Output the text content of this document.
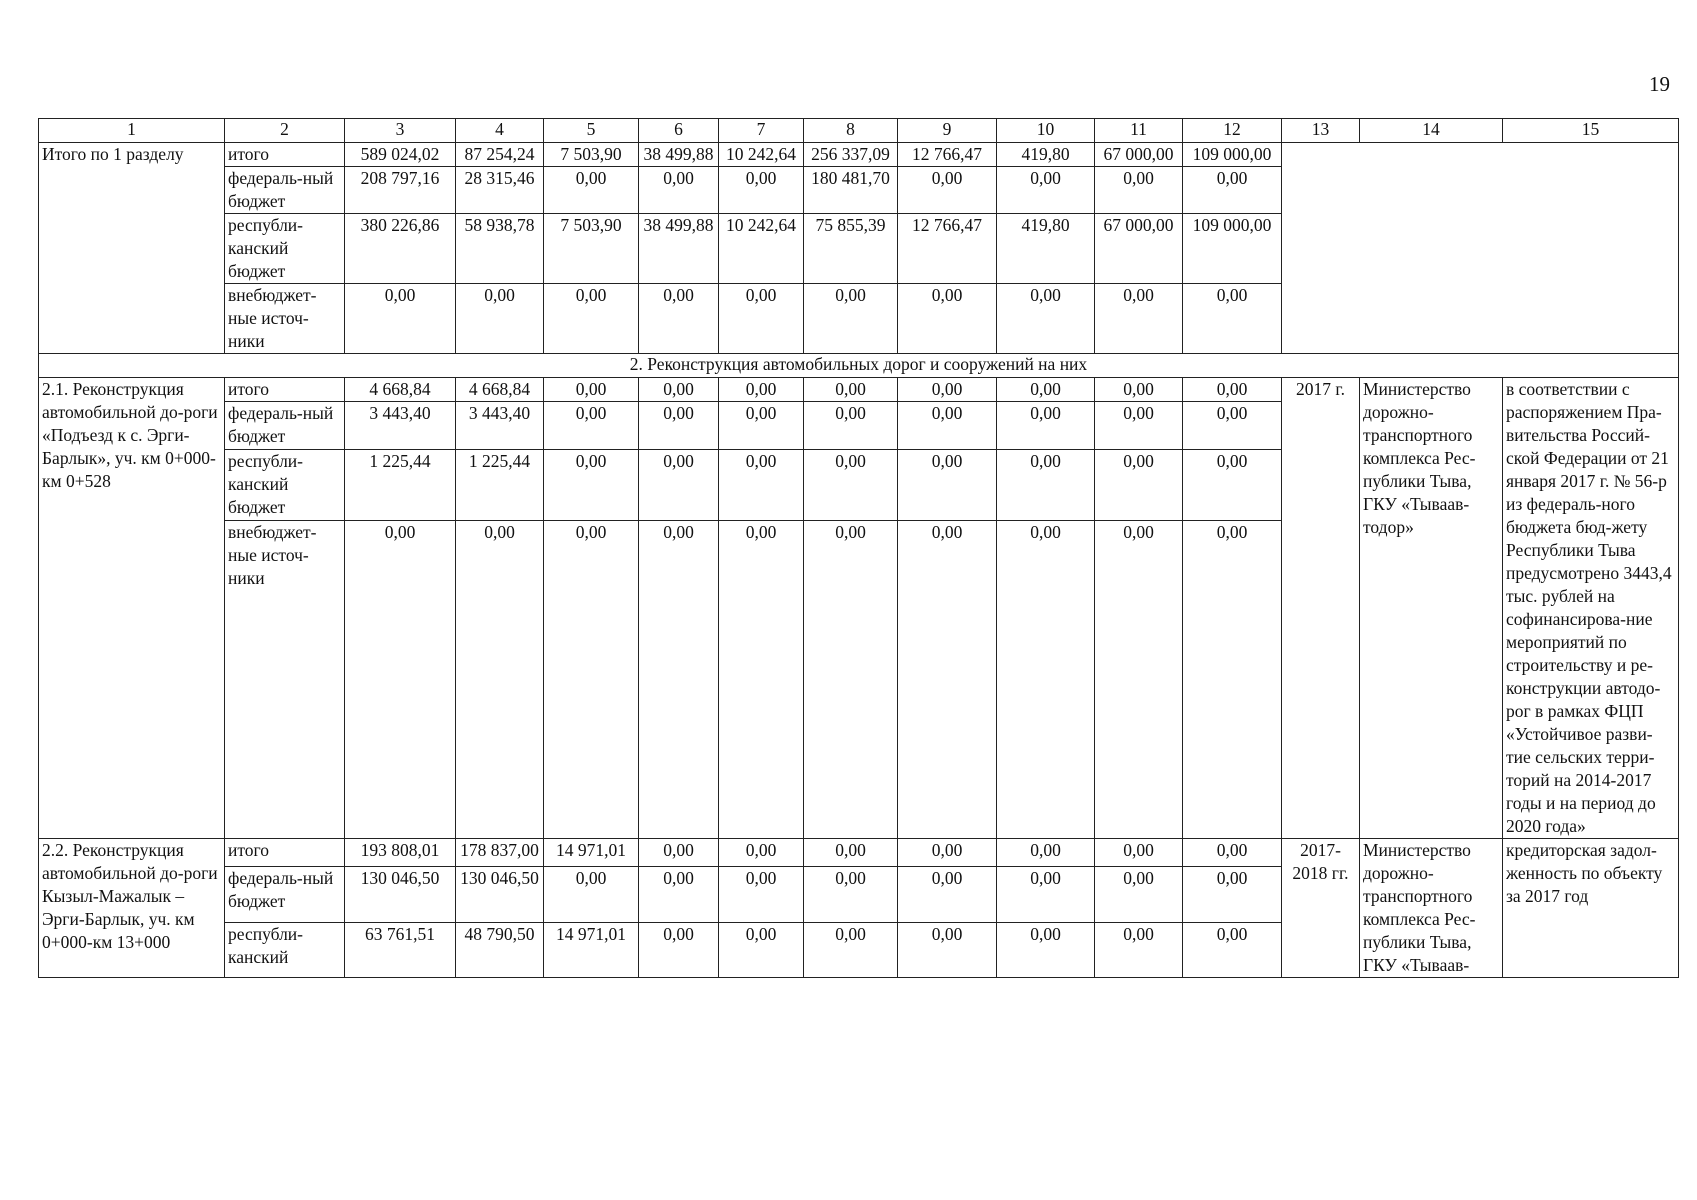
19
1	2	3	4	5	6	7	8	9	10	11	12	13	14	15
Итого по 1 разделу	итого	589 024,02	87 254,24	7 503,90	38 499,88	10 242,64	256 337,09	12 766,47	419,80	67 000,00	109 000,00			
	федераль-ный бюджет	208 797,16	28 315,46	0,00	0,00	0,00	180 481,70	0,00	0,00	0,00	0,00			
	республи-канский бюджет	380 226,86	58 938,78	7 503,90	38 499,88	10 242,64	75 855,39	12 766,47	419,80	67 000,00	109 000,00			
	внебюджет-ные источ-ники	0,00	0,00	0,00	0,00	0,00	0,00	0,00	0,00	0,00	0,00			
2. Реконструкция автомобильных дорог и сооружений на них														
2.1. Реконструкция автомобильной до-роги «Подъезд к с. Эрги-Барлык», уч. км 0+000-км 0+528	итого	4 668,84	4 668,84	0,00	0,00	0,00	0,00	0,00	0,00	0,00	0,00	2017 г.	Министерство дорожно-транспортного комплекса Рес-публики Тыва, ГКУ «Тываав-тодор»	в соответствии с распоряжением Пра-вительства Россий-ской Федерации от 21 января 2017 г. № 56-р из федераль-ного бюджета бюд-жету Республики Тыва предусмотрено 3443,4 тыс. рублей на софинансирова-ние мероприятий по строительству и ре-конструкции автодо-рог в рамках ФЦП «Устойчивое разви-тие сельских терри-торий на 2014-2017 годы и на период до 2020 года»
	федераль-ный бюджет	3 443,40	3 443,40	0,00	0,00	0,00	0,00	0,00	0,00	0,00	0,00			
	республи-канский бюджет	1 225,44	1 225,44	0,00	0,00	0,00	0,00	0,00	0,00	0,00	0,00			
	внебюджет-ные источ-ники	0,00	0,00	0,00	0,00	0,00	0,00	0,00	0,00	0,00	0,00			
2.2. Реконструкция автомобильной до-роги Кызыл-Мажалык – Эрги-Барлык, уч. км 0+000-км 13+000	итого	193 808,01	178 837,00	14 971,01	0,00	0,00	0,00	0,00	0,00	0,00	0,00	2017-2018 гг.	Министерство дорожно-транспортного комплекса Рес-публики Тыва, ГКУ «Тываав-	кредиторская задол-женность по объекту за 2017 год
	федераль-ный бюджет	130 046,50	130 046,50	0,00	0,00	0,00	0,00	0,00	0,00	0,00	0,00			
	республи-канский	63 761,51	48 790,50	14 971,01	0,00	0,00	0,00	0,00	0,00	0,00	0,00			
